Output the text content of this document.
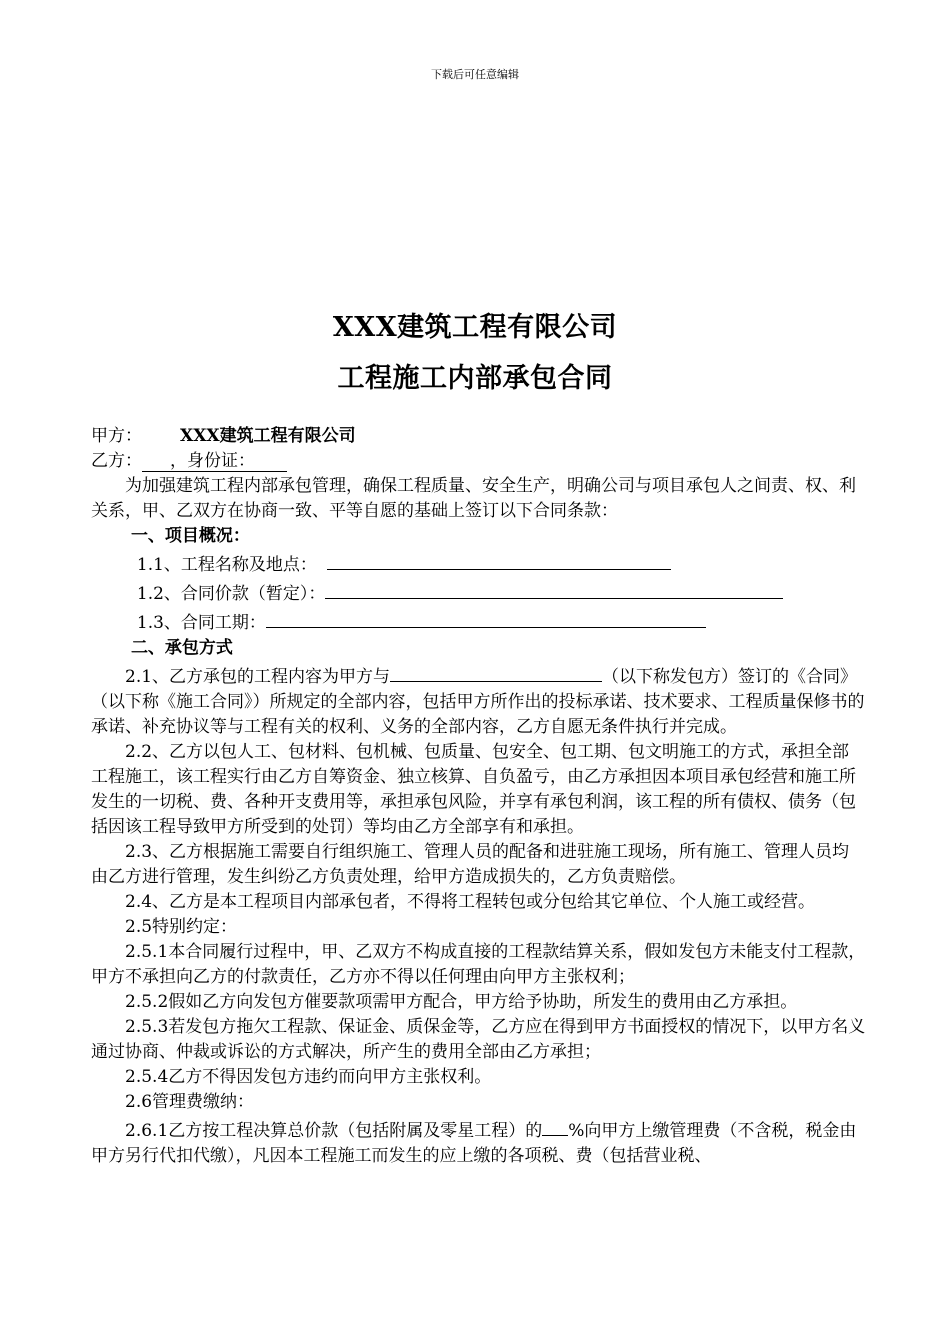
下载后可任意编辑
XXX建筑工程有限公司
工程施工内部承包合同

甲方： XXX建筑工程有限公司

乙方： ，身份证：

为加强建筑工程内部承包管理，确保工程质量、安全生产，明确公司与项目承包人之间责、权、利关系，甲、乙双方在协商一致、平等自愿的基础上签订以下合同条款：

一、项目概况：

1.1、工程名称及地点：

1.2、合同价款（暂定）：

1.3、合同工期：

二、承包方式

2.1、乙方承包的工程内容为甲方与	（以下称发包方）签订的《合同》（以下称《施工合同》）所规定的全部内容，包括甲方所作出的投标承诺、技术要求、工程质量保修书的承诺、补充协议等与工程有关的权利、义务的全部内容，乙方自愿无条件执行并完成。

2.2、乙方以包人工、包材料、包机械、包质量、包安全、包工期、包文明施工的方式，承担全部工程施工，该工程实行由乙方自筹资金、独立核算、自负盈亏，由乙方承担因本项目承包经营和施工所发生的一切税、费、各种开支费用等，承担承包风险，并享有承包利润，该工程的所有债权、债务（包括因该工程导致甲方所受到的处罚）等均由乙方全部享有和承担。

2.3、乙方根据施工需要自行组织施工、管理人员的配备和进驻施工现场，所有施工、管理人员均由乙方进行管理，发生纠纷乙方负责处理，给甲方造成损失的，乙方负责赔偿。

2.4、乙方是本工程项目内部承包者，不得将工程转包或分包给其它单位、个人施工或经营。

2.5特别约定：

2.5.1本合同履行过程中，甲、乙双方不构成直接的工程款结算关系，假如发包方未能支付工程款，甲方不承担向乙方的付款责任，乙方亦不得以任何理由向甲方主张权利；

2.5.2假如乙方向发包方催要款项需甲方配合，甲方给予协助，所发生的费用由乙方承担。

2.5.3若发包方拖欠工程款、保证金、质保金等，乙方应在得到甲方书面授权的情况下，以甲方名义通过协商、仲裁或诉讼的方式解决，所产生的费用全部由乙方承担；

2.5.4乙方不得因发包方违约而向甲方主张权利。

2.6管理费缴纳：

2.6.1乙方按工程决算总价款（包括附属及零星工程）的 %向甲方上缴管理费（不含税，税金由甲方另行代扣代缴），凡因本工程施工而发生的应上缴的各项税、费（包括营业税、
